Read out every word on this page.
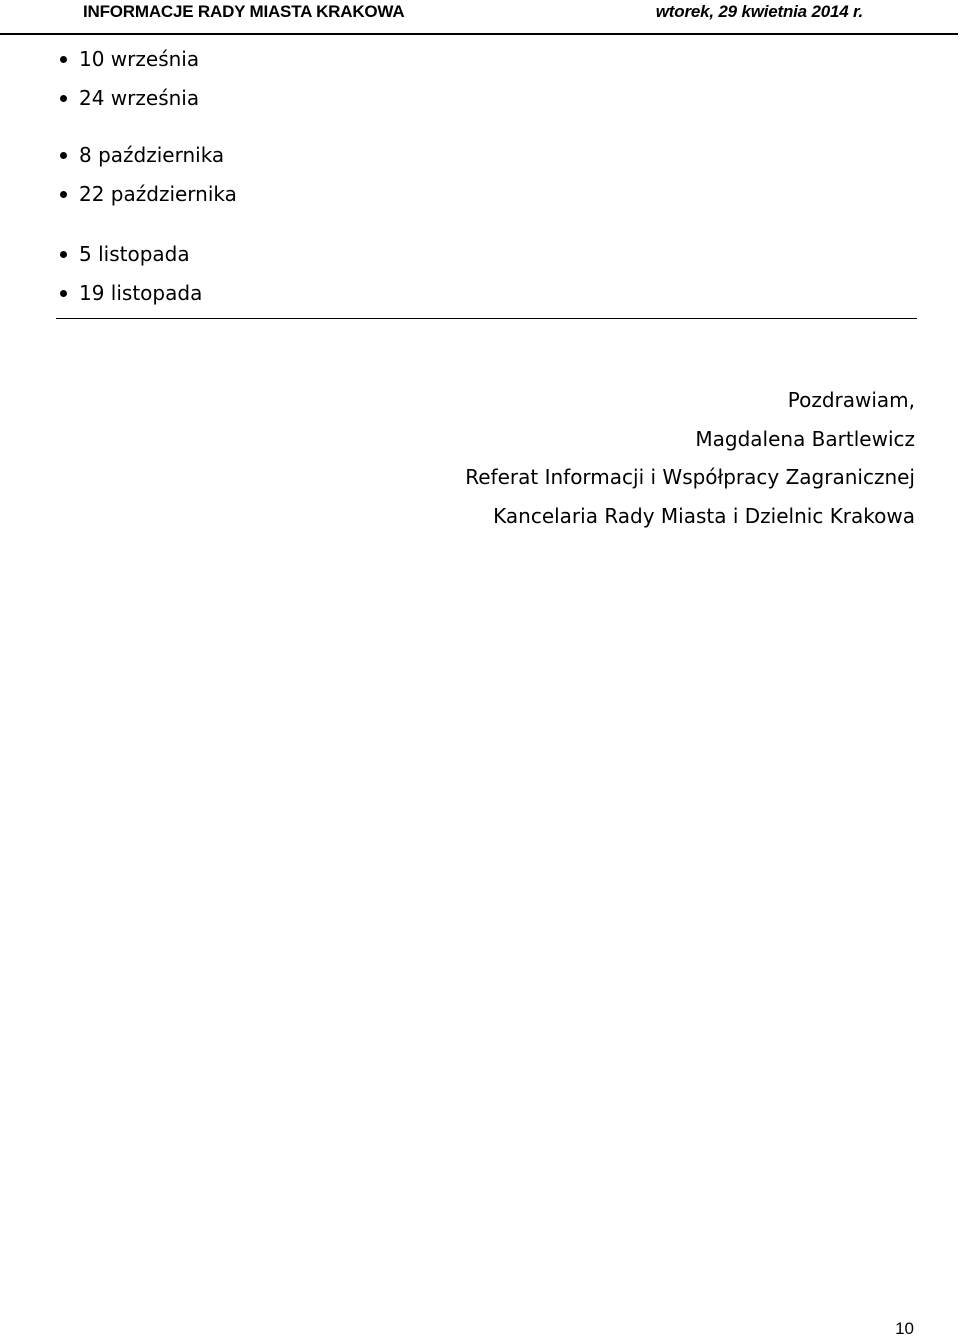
INFORMACJE RADY MIASTA KRAKOWA	wtorek, 29 kwietnia 2014 r.
10 września
24 września
8 października
22 października
5 listopada
19 listopada
Pozdrawiam,
Magdalena Bartlewicz
Referat Informacji i Współpracy Zagranicznej
Kancelaria Rady Miasta i Dzielnic Krakowa
10
